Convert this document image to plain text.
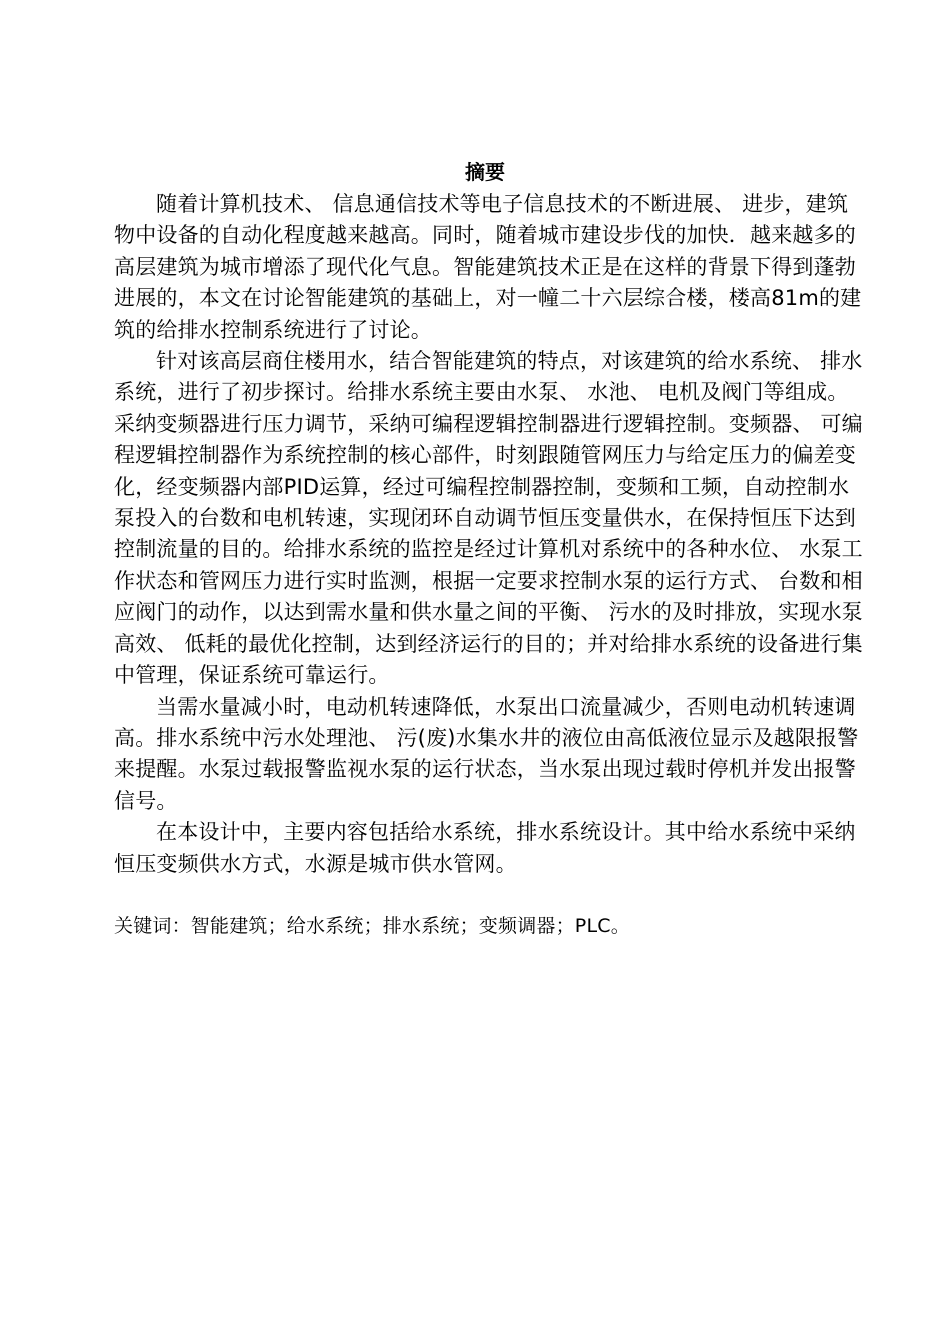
摘要

随着计算机技术、 信息通信技术等电子信息技术的不断进展、 进步，建筑物中设备的自动化程度越来越高。同时，随着城市建设步伐的加快．越来越多的高层建筑为城市增添了现代化气息。智能建筑技术正是在这样的背景下得到蓬勃进展的，本文在讨论智能建筑的基础上，对一幢二十六层综合楼，楼高81m的建筑的给排水控制系统进行了讨论。

针对该高层商住楼用水，结合智能建筑的特点，对该建筑的给水系统、 排水系统，进行了初步探讨。给排水系统主要由水泵、 水池、 电机及阀门等组成。采纳变频器进行压力调节，采纳可编程逻辑控制器进行逻辑控制。变频器、 可编程逻辑控制器作为系统控制的核心部件，时刻跟随管网压力与给定压力的偏差变化，经变频器内部PID运算，经过可编程控制器控制，变频和工频，自动控制水泵投入的台数和电机转速，实现闭环自动调节恒压变量供水，在保持恒压下达到控制流量的目的。给排水系统的监控是经过计算机对系统中的各种水位、 水泵工作状态和管网压力进行实时监测，根据一定要求控制水泵的运行方式、 台数和相应阀门的动作，以达到需水量和供水量之间的平衡、 污水的及时排放，实现水泵高效、 低耗的最优化控制，达到经济运行的目的；并对给排水系统的设备进行集中管理，保证系统可靠运行。

当需水量减小时，电动机转速降低，水泵出口流量减少，否则电动机转速调高。排水系统中污水处理池、 污(废)水集水井的液位由高低液位显示及越限报警来提醒。水泵过载报警监视水泵的运行状态，当水泵出现过载时停机并发出报警信号。

在本设计中，主要内容包括给水系统，排水系统设计。其中给水系统中采纳恒压变频供水方式，水源是城市供水管网。

关键词：智能建筑；给水系统；排水系统；变频调器；PLC。
